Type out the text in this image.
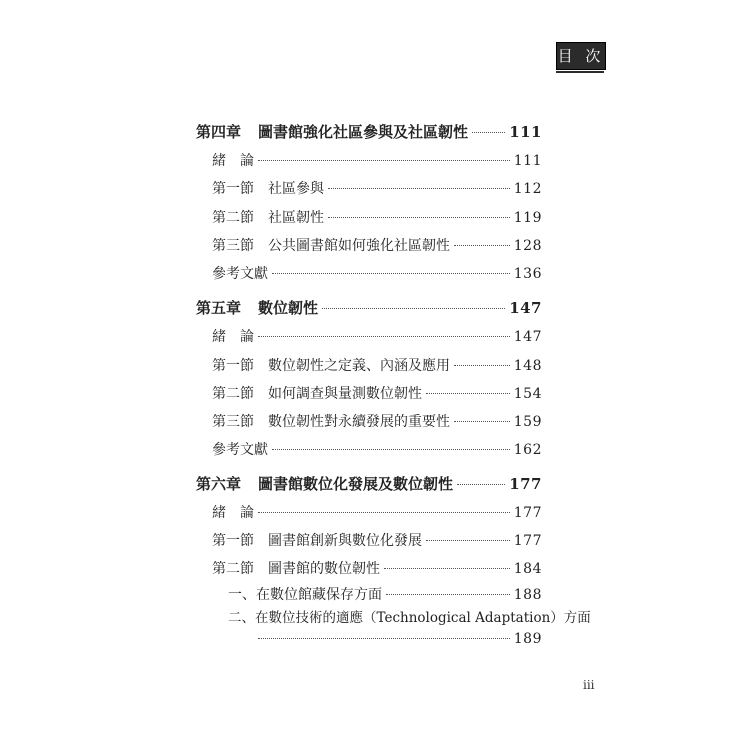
目 次
第四章	圖書館強化社區參與及社區韌性	111
緒　論	111
第一節	社區參與	112
第二節	社區韌性	119
第三節	公共圖書館如何強化社區韌性	128
參考文獻	136
第五章	數位韌性	147
緒　論	147
第一節	數位韌性之定義、內涵及應用	148
第二節	如何調查與量測數位韌性	154
第三節	數位韌性對永續發展的重要性	159
參考文獻	162
第六章	圖書館數位化發展及數位韌性	177
緒　論	177
第一節	圖書館創新與數位化發展	177
第二節	圖書館的數位韌性	184
一、在數位館藏保存方面	188
二、在數位技術的適應（Technological Adaptation）方面
189
iii
